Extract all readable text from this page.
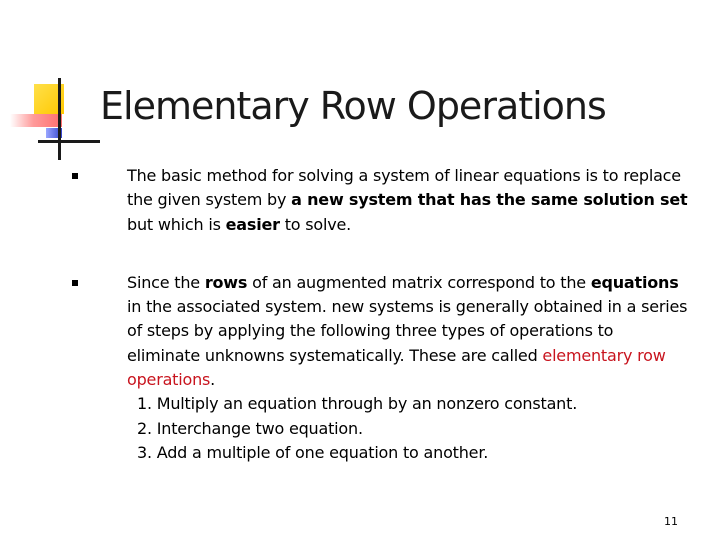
Elementary Row Operations
The basic method for solving a system of linear equations is to replace the given system by a new system that has the same solution set but which is easier to solve.
Since the rows of an augmented matrix correspond to the equations in the associated system. new systems is generally obtained in a series of steps by applying the following three types of operations to eliminate unknowns systematically. These are called elementary row operations.
1. Multiply an equation through by an nonzero constant.
2. Interchange two equation.
3. Add a multiple of one equation to another.
11
